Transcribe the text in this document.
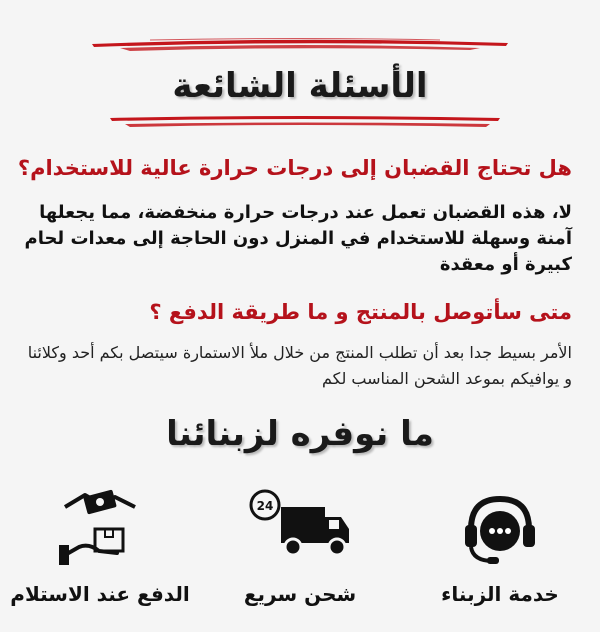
الأسئلة الشائعة
هل تحتاج القضبان إلى درجات حرارة عالية للاستخدام؟
لا، هذه القضبان تعمل عند درجات حرارة منخفضة، مما يجعلها آمنة وسهلة للاستخدام في المنزل دون الحاجة إلى معدات لحام كبيرة أو معقدة
متى سأتوصل بالمنتج و ما طريقة الدفع ؟
الأمر بسيط جدا بعد أن تطلب المنتج من خلال ملأ الاستمارة سيتصل بكم أحد وكلائنا و يوافيكم بموعد الشحن المناسب لكم
ما نوفره لزبنائنا
خدمة الزبناء
24
شحن سريع
الدفع عند الاستلام
